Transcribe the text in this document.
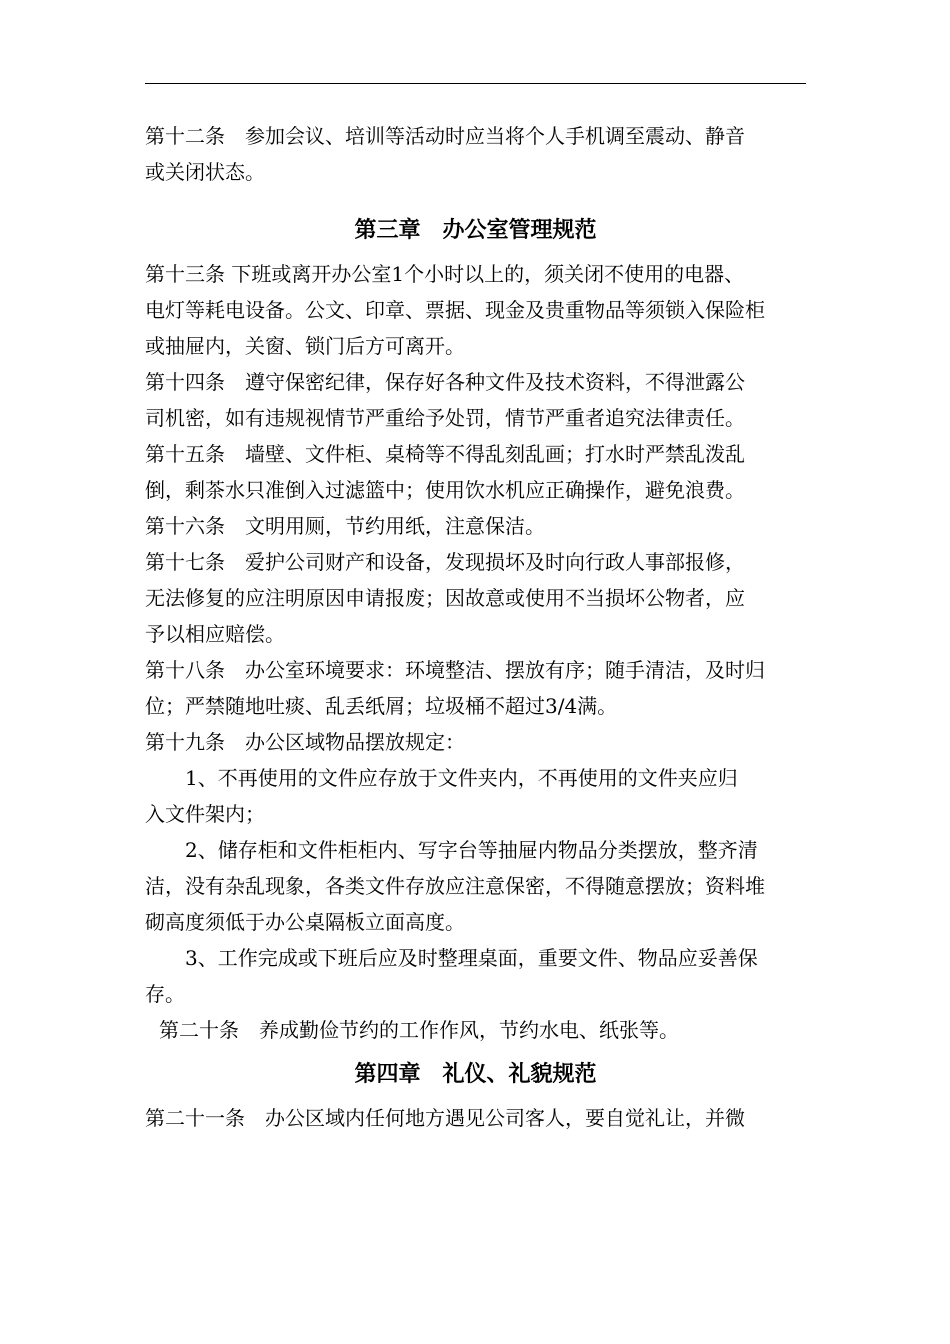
第十二条　参加会议、培训等活动时应当将个人手机调至震动、静音
或关闭状态。
第三章　办公室管理规范
第十三条 下班或离开办公室1个小时以上的，须关闭不使用的电器、
电灯等耗电设备。公文、印章、票据、现金及贵重物品等须锁入保险柜
或抽屉内，关窗、锁门后方可离开。
第十四条　遵守保密纪律，保存好各种文件及技术资料，不得泄露公
司机密，如有违规视情节严重给予处罚，情节严重者追究法律责任。
第十五条　墙壁、文件柜、桌椅等不得乱刻乱画；打水时严禁乱泼乱
倒，剩茶水只准倒入过滤篮中；使用饮水机应正确操作，避免浪费。
第十六条　文明用厕，节约用纸，注意保洁。
第十七条　爱护公司财产和设备，发现损坏及时向行政人事部报修，
无法修复的应注明原因申请报废；因故意或使用不当损坏公物者，应
予以相应赔偿。
第十八条　办公室环境要求：环境整洁、摆放有序；随手清洁，及时归
位；严禁随地吐痰、乱丢纸屑；垃圾桶不超过3/4满。
第十九条　办公区域物品摆放规定：
1、不再使用的文件应存放于文件夹内，不再使用的文件夹应归
入文件架内；
2、储存柜和文件柜柜内、写字台等抽屉内物品分类摆放，整齐清
洁，没有杂乱现象，各类文件存放应注意保密，不得随意摆放；资料堆
砌高度须低于办公桌隔板立面高度。
3、工作完成或下班后应及时整理桌面，重要文件、物品应妥善保
存。
第二十条　养成勤俭节约的工作作风，节约水电、纸张等。
第四章　礼仪、礼貌规范
第二十一条　办公区域内任何地方遇见公司客人，要自觉礼让，并微
